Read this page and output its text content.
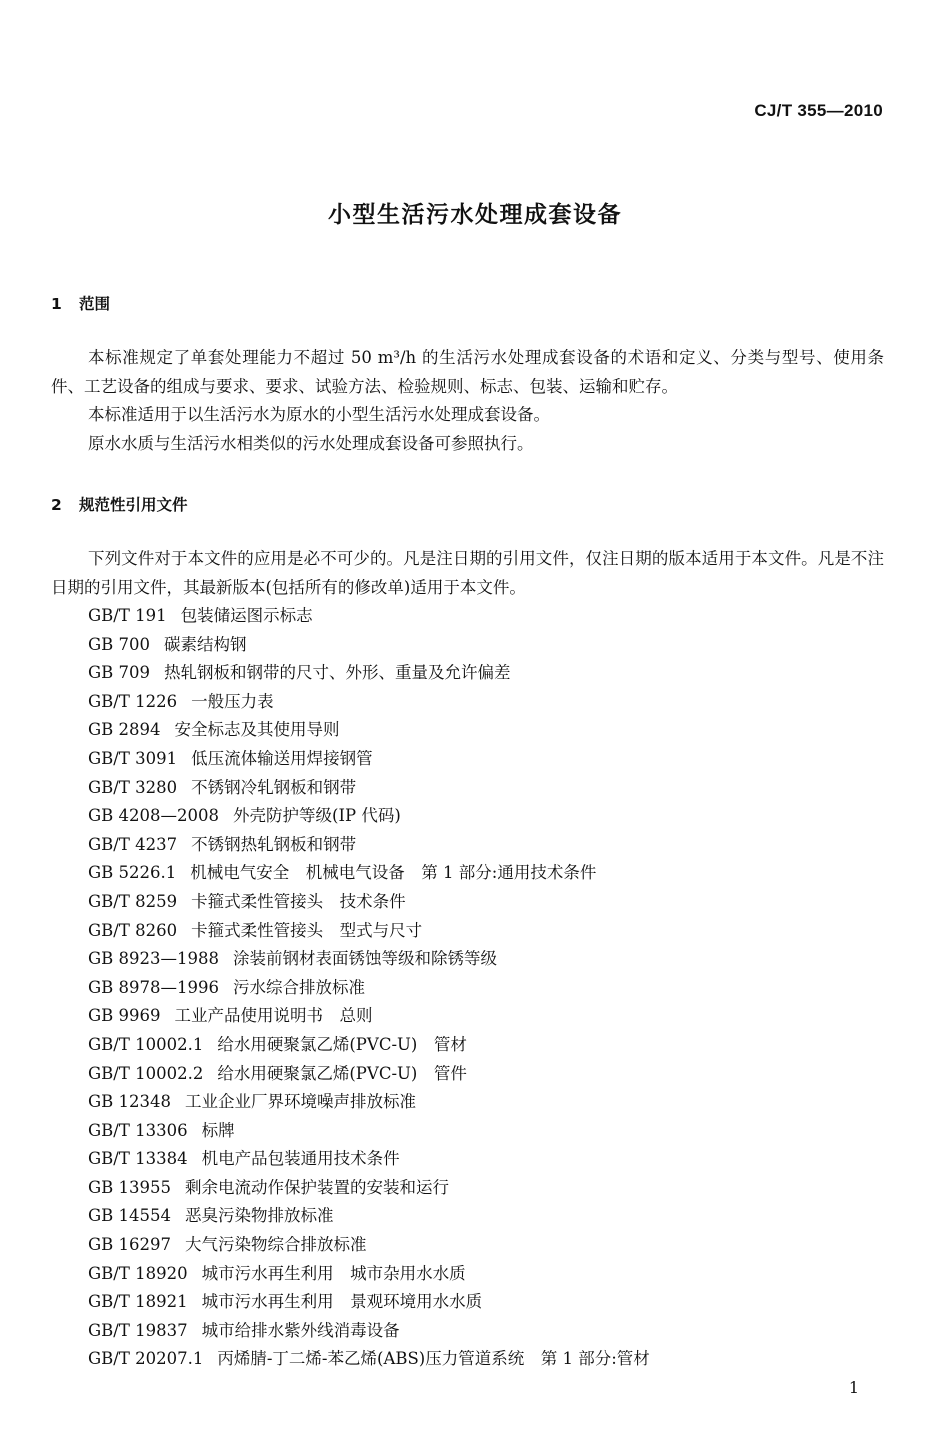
CJ/T 355—2010
小型生活污水处理成套设备
1 范围

本标准规定了单套处理能力不超过 50 m³/h 的生活污水处理成套设备的术语和定义、分类与型号、使用条件、工艺设备的组成与要求、要求、试验方法、检验规则、标志、包装、运输和贮存。

本标准适用于以生活污水为原水的小型生活污水处理成套设备。
原水水质与生活污水相类似的污水处理成套设备可参照执行。
2 规范性引用文件

下列文件对于本文件的应用是必不可少的。凡是注日期的引用文件，仅注日期的版本适用于本文件。凡是不注日期的引用文件，其最新版本(包括所有的修改单)适用于本文件。

GB/T 191 包装储运图示标志
GB 700 碳素结构钢
GB 709 热轧钢板和钢带的尺寸、外形、重量及允许偏差
GB/T 1226 一般压力表
GB 2894 安全标志及其使用导则
GB/T 3091 低压流体输送用焊接钢管
GB/T 3280 不锈钢冷轧钢板和钢带
GB 4208—2008 外壳防护等级(IP 代码)
GB/T 4237 不锈钢热轧钢板和钢带
GB 5226.1 机械电气安全　机械电气设备　第 1 部分:通用技术条件
GB/T 8259 卡箍式柔性管接头　技术条件
GB/T 8260 卡箍式柔性管接头　型式与尺寸
GB 8923—1988 涂装前钢材表面锈蚀等级和除锈等级
GB 8978—1996 污水综合排放标准
GB 9969 工业产品使用说明书　总则
GB/T 10002.1 给水用硬聚氯乙烯(PVC-U)　管材
GB/T 10002.2 给水用硬聚氯乙烯(PVC-U)　管件
GB 12348 工业企业厂界环境噪声排放标准
GB/T 13306 标牌
GB/T 13384 机电产品包装通用技术条件
GB 13955 剩余电流动作保护装置的安装和运行
GB 14554 恶臭污染物排放标准
GB 16297 大气污染物综合排放标准
GB/T 18920 城市污水再生利用　城市杂用水水质
GB/T 18921 城市污水再生利用　景观环境用水水质
GB/T 19837 城市给排水紫外线消毒设备
GB/T 20207.1 丙烯腈-丁二烯-苯乙烯(ABS)压力管道系统　第 1 部分:管材
1
